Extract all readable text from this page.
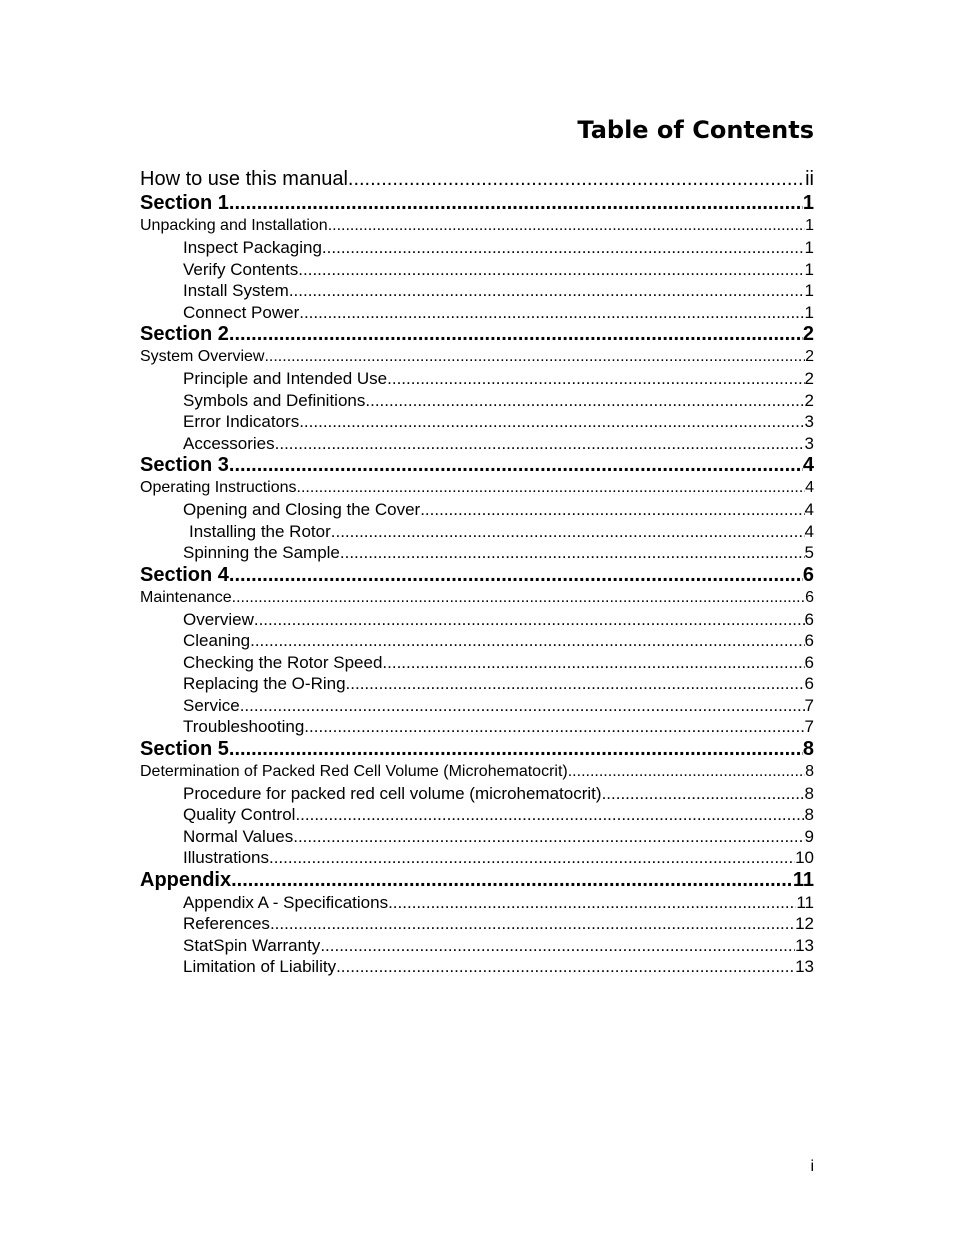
Table of Contents
How to use this manual .....	ii
Section 1 .....	1
Unpacking and Installation .....	1
Inspect Packaging .....	1
Verify Contents .....	1
Install System .....	1
Connect Power .....	1
Section 2 .....	2
System Overview .....	2
Principle and Intended Use .....	2
Symbols and Definitions .....	2
Error Indicators .....	3
Accessories .....	3
Section 3 .....	4
Operating Instructions .....	4
Opening and Closing the Cover .....	4
Installing the Rotor .....	4
Spinning the Sample .....	5
Section 4 .....	6
Maintenance .....	6
Overview .....	6
Cleaning .....	6
Checking the Rotor Speed .....	6
Replacing the O-Ring .....	6
Service .....	7
Troubleshooting .....	7
Section 5 .....	8
Determination of Packed Red Cell Volume (Microhematocrit) .....	8
Procedure for packed red cell volume (microhematocrit) .....	8
Quality Control .....	8
Normal Values .....	9
Illustrations .....	10
Appendix .....	11
Appendix A - Specifications .....	11
References .....	12
StatSpin Warranty .....	13
Limitation of Liability .....	13
i
